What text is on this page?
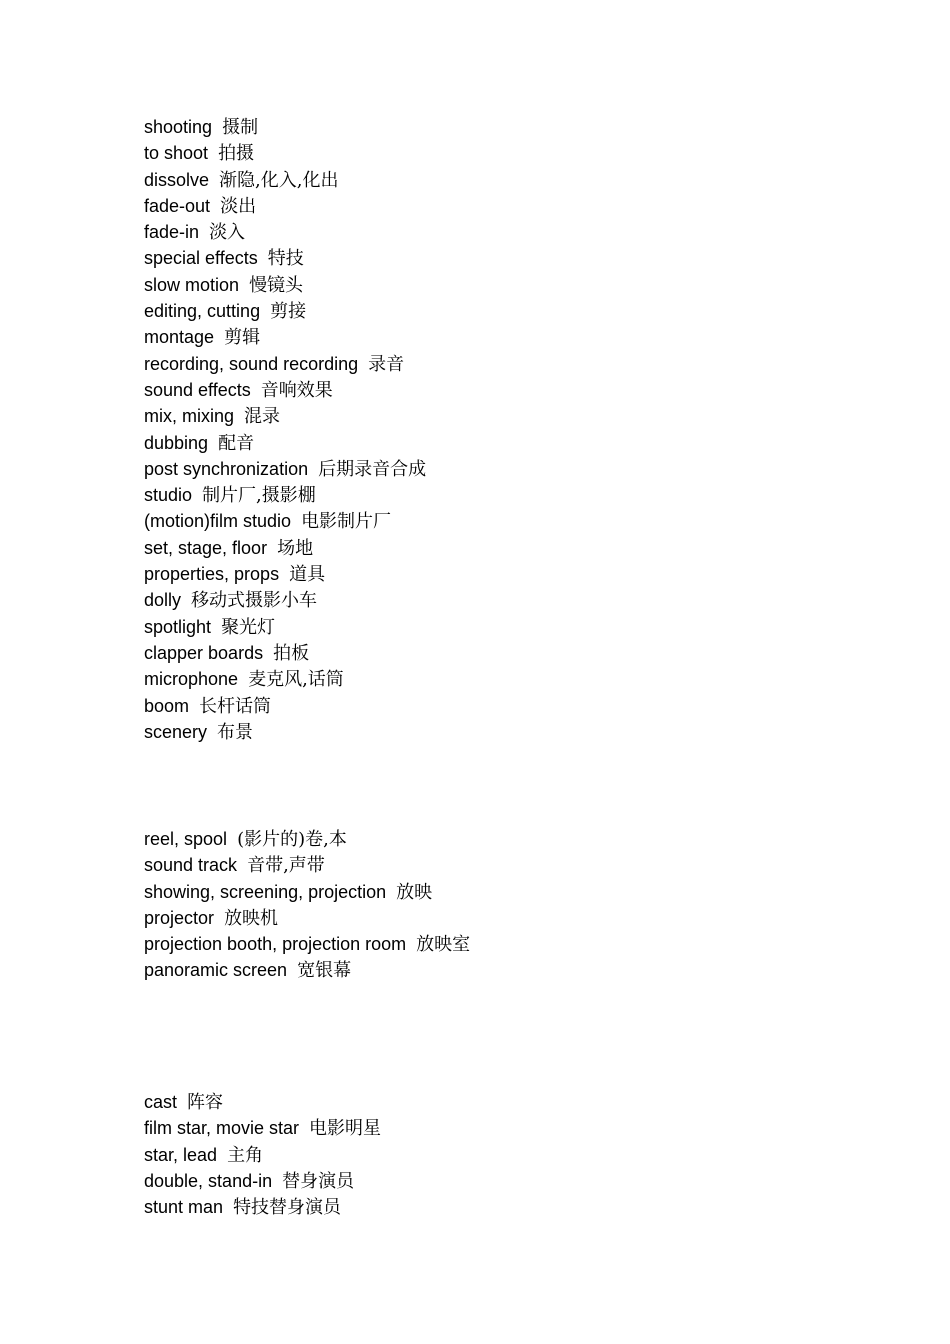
shooting  摄制
to shoot  拍摄
dissolve  渐隐,化入,化出
fade-out  淡出
fade-in  淡入
special effects  特技
slow motion  慢镜头
editing, cutting  剪接
montage  剪辑
recording, sound recording  录音
sound effects  音响效果
mix, mixing  混录
dubbing  配音
post synchronization  后期录音合成
studio  制片厂,摄影棚
(motion)film studio  电影制片厂
set, stage, floor  场地
properties, props  道具
dolly  移动式摄影小车
spotlight  聚光灯
clapper boards  拍板
microphone  麦克风,话筒
boom  长杆话筒
scenery  布景
reel, spool  (影片的)卷,本
sound track  音带,声带
showing, screening, projection  放映
projector  放映机
projection booth, projection room  放映室
panoramic screen  宽银幕
cast  阵容
film star, movie star  电影明星
star, lead  主角
double, stand-in  替身演员
stunt man  特技替身演员
